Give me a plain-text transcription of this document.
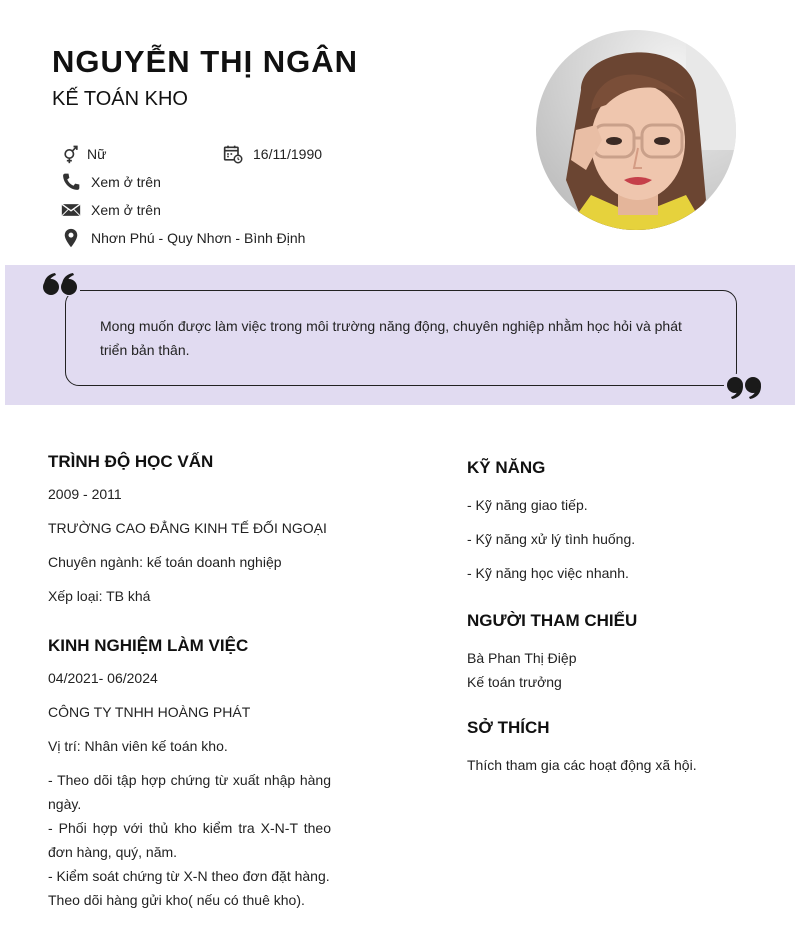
NGUYỄN THỊ NGÂN

KẾ TOÁN KHO

Nữ	16/11/1990
Xem ở trên
Xem ở trên
Nhơn Phú - Quy Nhơn - Bình Định

Mong muốn được làm việc trong môi trường năng động, chuyên nghiệp nhằm học hỏi và phát triển bản thân.

TRÌNH ĐỘ HỌC VẤN

2009 - 2011

TRƯỜNG CAO ĐẲNG KINH TẾ ĐỐI NGOẠI

Chuyên ngành: kế toán doanh nghiệp

Xếp loại: TB khá

KINH NGHIỆM LÀM VIỆC

04/2021- 06/2024

CÔNG TY TNHH HOÀNG PHÁT

Vị trí: Nhân viên kế toán kho.

- Theo dõi tập hợp chứng từ xuất nhập hàng ngày.

- Phối hợp với thủ kho kiểm tra X-N-T theo đơn hàng, quý, năm.

- Kiểm soát chứng từ X-N theo đơn đặt hàng.

Theo dõi hàng gửi kho( nếu có thuê kho).

KỸ NĂNG

- Kỹ năng giao tiếp.

- Kỹ năng xử lý tình huống.

- Kỹ năng học việc nhanh.

NGƯỜI THAM CHIẾU

Bà Phan Thị Điệp

Kế toán trưởng

SỞ THÍCH

Thích tham gia các hoạt động xã hội.
